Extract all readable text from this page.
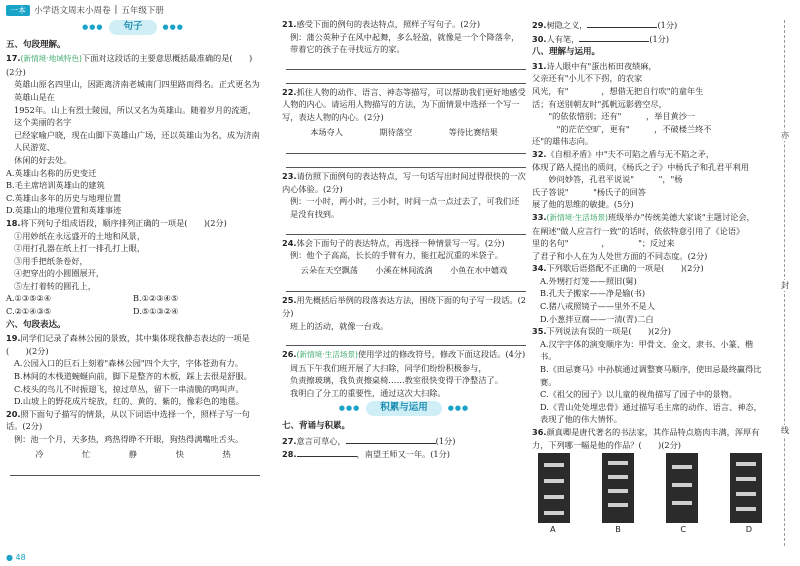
一本 小学语文周末小周卷 | 五年级下册
●●●	句子	●●●
五、句段理解。

17.(新情境·地域特色)下面对这段话的主要意思概括最准确的是(　　)(2分)

英雄山原名四里山，因距离济南老城南门四里路而得名。正式更名为英雄山是在
1952年。山上有烈士陵园，所以又名为英雄山。随着岁月的流逝，这个美丽的名字
已经家喻户晓，现在山脚下英雄山广场，还以英雄山为名，成为济南人民游览、
休闲的好去处。
A.英雄山名称的历史变迁
B.毛主席培训英雄山的建筑
C.英雄山多年的历史与地理位置
D.英雄山的地理位置和英雄事迹

18.将下列句子组成语段，顺序排列正确的一项是(　　)(2分)

①用妙纸在永远盛开的土地和风景，
②用打孔器在纸上打一排孔打上眼，
③用手把纸条卷好，
④把穿出的小圆圈展开，
⑤左打着转的圆孔上，
A.①③⑤②④	B.①②③④⑤
C.②①④③⑤	D.⑤①③②④
六、句段表达。

19.同学们记录了森林公园的景致，其中集体现我静态表达的一项是(　　)(2分)

A.公园入口的巨石上刻着"森林公园"四个大字，字体苍劲有力。
B.林间的木栈道蜿蜒向前，脚下是整齐的木板，踩上去很是舒服。
C.枝头的鸟儿不时振翅飞，掠过草丛，留下一串清脆的鸣叫声。
D.山坡上的野花成片绽放，红的、黄的、紫的，像彩色的地毯。

20.照下面句子描写的情景，从以下词语中选择一个，照样子写一句话。(2分)

例：池一个月，天多热，鸡热得睁不开眼，狗热得满嘴吐舌头。
冷	忙	静	快	热

21.感受下面的例句的表达特点，照样子写句子。(2分)

例：蒲公英种子在风中起舞，多么轻盈，就像是一个个降落伞，
带着它的孩子在寻找远方的家。

22.抓住人物的动作、语言、神态等描写，可以帮助我们更好地感受人物的内心。请运用人物描写的方法，为下面情景中选择一个写一写，表达人物的内心。(2分)

本场夺人	期待落空	等待比赛结果

23.请仿照下面例句的表达特点，写一句话写出时间过得很快的一次内心体验。(2分)

例：一小时，两小时，三小时，时间一点一点过去了，可我们还
是没有找到。

24.体会下面句子的表达特点，再选择一种情景写一写。(2分)

例：他个子高高，长长的手臂有力，能扛起沉重的米袋子。
云朵在天空飘荡 小溪在林间流淌 小鱼在水中嬉戏

25.用先概括后举例的段落表达方法，围绕下面的句子写一段话。(2分)

班上的活动，就像一台戏。

26.(新情境·生活场景)使用学过的修改符号，修改下面这段话。(4分)

周五下午我们班开展了大扫除，同学们纷纷积极参与，
负责擦玻璃，我负责擦桌椅……教室很快变得干净整洁了。
我明白了分工的重要性，通过这次大扫除。
●●●	积累与运用	●●●
七、背诵与积累。

27.意言可草心，	(1分)

28.	，南望王师又一年。(1分)

29.树隐之义，	(1分)

30.人有笔，	(1分)

八、理解与运用。

31.诗人眼中有"蛋出柘田夜绩麻，

父亲还有"小儿不下拐，的农家
风光，有"　　　　，想借无把自行吹"的童年生
活；有送别朝友时"孤帆远影碧空尽，　　　　
　　"的依依惜别；还有"　　　，举目黄沙一
　　　"的茫茫空旷，更有"　　　，不破楼兰终不
还"的雄伟志向。

32.《自相矛盾》中"夫不可陷之盾与无不陷之矛，

体现了路人提出的质问，《杨氏之子》中杨氏子和孔君平利用
　　妙问妙答，孔君平说说"　　　"，"杨
氏子答说"　　　"杨氏子的回答
展了他的思维的敏捷。(5分)

33.(新情境·生活场景)班级举办"传统美德大家谈"主题讨论会，

在阐述"做人应言行一致"的话时，依依特意引用了《论语》
里的名句"　　　　，　　　　"；反过来
了君子和小人在为人处世方面的不同态度。(2分)

34.下列歇后语搭配不正确的一项是(　　)(2分)

A.外甥打灯笼——照旧(舅)
B.孔夫子搬家——净是输(书)
C.猪八戒照镜子——里外不是人
D.小葱拌豆腐——一清(青)二白

35.下列说法有误的一项是(　　)(2分)

A.汉字字体的演变顺序为：甲骨文、金文、隶书、小篆、楷书。
B.《田忌赛马》中孙膑通过调整赛马顺序，使田忌最终赢得比赛。
C.《祖父的园子》以儿童的视角描写了园子中的景物。
D.《青山处处埋忠骨》通过描写毛主席的动作、语言、神态，表现了他的伟大情怀。

36.颜真卿是唐代著名的书法家，其作品特点筋肉丰满，浑厚有力，下列哪一幅是他的作品？(　　)(2分)

A	B	C	D
亦
封
线
● 48
